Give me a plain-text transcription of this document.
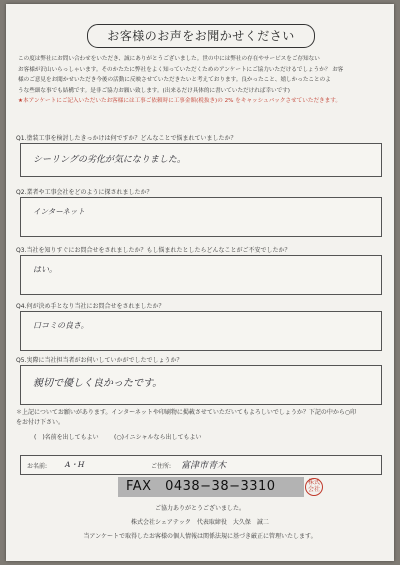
お客様のお声をお聞かせください
この度は弊社にお問い合わせをいただき、誠にありがとうございました。世の中には弊社の存在やサービスをご存知ない
お客様が沢山いらっしゃいます。そのかたたに弊社をよく知っていただくためのアンケートにご協力いただけるでしょうか？ お客
様のご意見をお聞かせいただき今後の活動に反映させていただきたいと考えております。良かったこと、嬉しかったことのよ
うな些細な事でも結構です。是非ご協力お願い致します。(出来るだけ具体的に書いていただければ幸いです)
★本アンケートにご記入いただいたお客様には工事ご依頼時に工事金額(税抜き)の 2% をキャッシュバックさせていただきます。
Q1.塗装工事を検討したきっかけは何ですか？どんなことで悩まれていましたか？
シーリングの劣化が気になりました。
Q2.業者や工事会社をどのように探されましたか？
インターネット
Q3.当社を知りすぐにお問合せをされましたか？もし悩まれたとしたらどんなことがご不安でしたか？
はい。
Q4.何が決め手となり当社にお問合せをされましたか？
口コミの良さ。
Q5.実際に当社担当者がお伺いしていかがでしたでしょうか？
親切で優しく良かったです。
＊上記についてお願いがあります。インターネットや印刷物に掲載させていただいてもよろしいでしょうか？下記の中から○印
をお付け下さい。
(　)名前を出してもよい	(○)イニシャルなら出してもよい
お名前: A・H	ご住所: 富津市青木
FAX　0438−38−3310	株式会社
ご協力ありがとうございました。
株式会社シェアテック　代表取締役　大久保　誠二
当アンケートで取得したお客様の個人情報は関係法規に基づき厳正に管理いたします。
